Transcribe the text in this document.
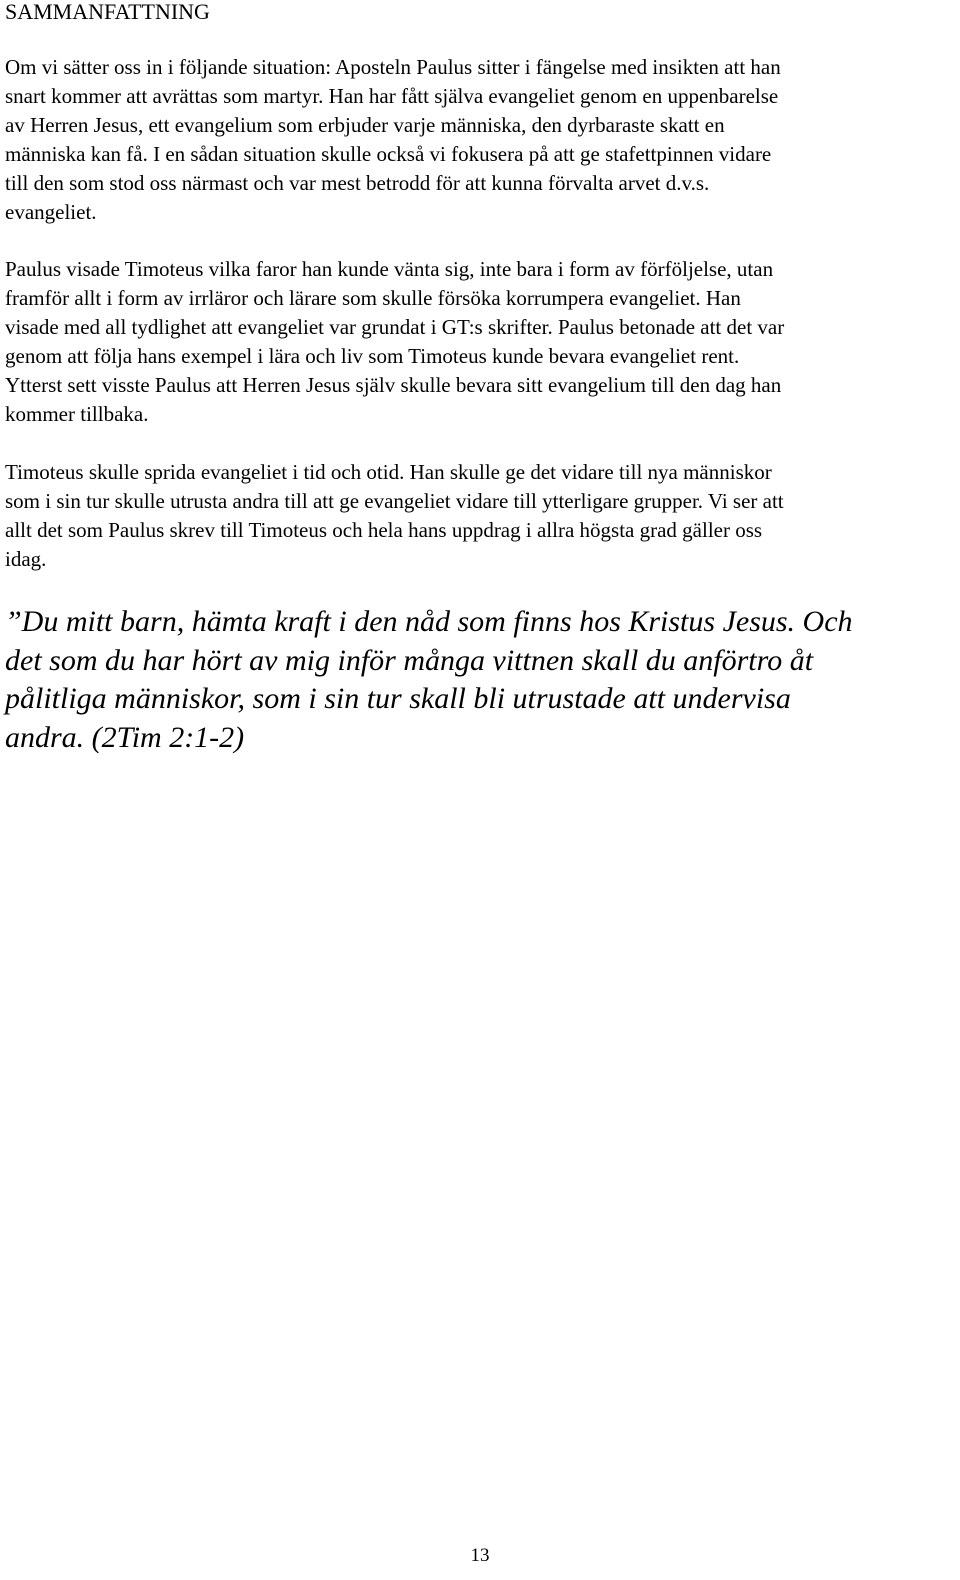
SAMMANFATTNING

Om vi sätter oss in i följande situation: Aposteln Paulus sitter i fängelse med insikten att han
snart kommer att avrättas som martyr. Han har fått själva evangeliet genom en uppenbarelse
av Herren Jesus, ett evangelium som erbjuder varje människa, den dyrbaraste skatt en
människa kan få. I en sådan situation skulle också vi fokusera på att ge stafettpinnen vidare
till den som stod oss närmast och var mest betrodd för att kunna förvalta arvet d.v.s.
evangeliet.

Paulus visade Timoteus vilka faror han kunde vänta sig, inte bara i form av förföljelse, utan
framför allt i form av irrläror och lärare som skulle försöka korrumpera evangeliet. Han
visade med all tydlighet att evangeliet var grundat i GT:s skrifter. Paulus betonade att det var
genom att följa hans exempel i lära och liv som Timoteus kunde bevara evangeliet rent.
Ytterst sett visste Paulus att Herren Jesus själv skulle bevara sitt evangelium till den dag han
kommer tillbaka.

Timoteus skulle sprida evangeliet i tid och otid. Han skulle ge det vidare till nya människor
som i sin tur skulle utrusta andra till att ge evangeliet vidare till ytterligare grupper. Vi ser att
allt det som Paulus skrev till Timoteus och hela hans uppdrag i allra högsta grad gäller oss
idag.

”Du mitt barn, hämta kraft i den nåd som finns hos Kristus Jesus. Och
det som du har hört av mig inför många vittnen skall du anförtro åt
pålitliga människor, som i sin tur skall bli utrustade att undervisa
andra. (2Tim 2:1-2)
13
